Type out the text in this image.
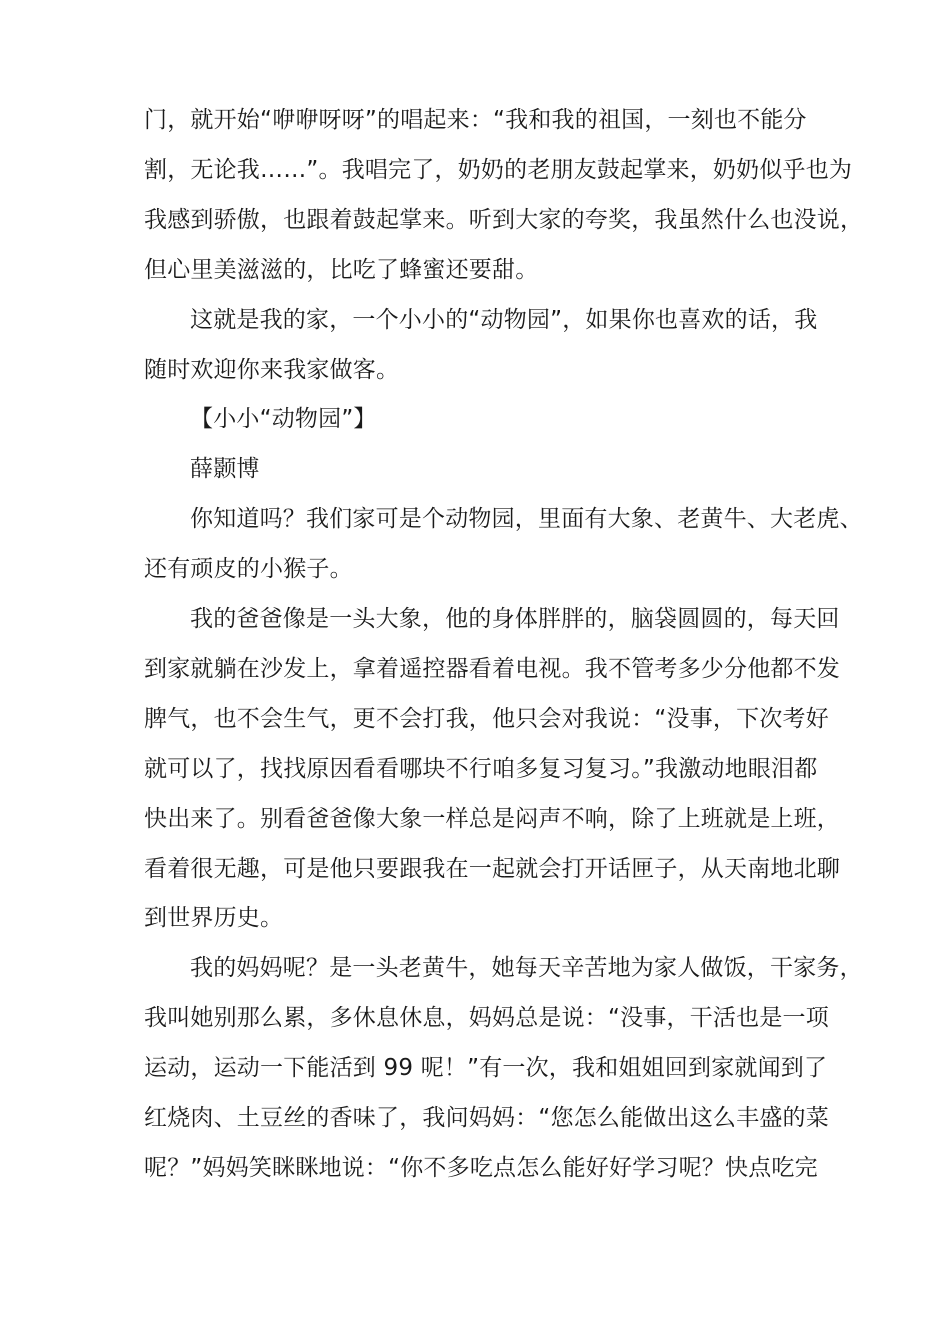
门，就开始“咿咿呀呀”的唱起来：“我和我的祖国，一刻也不能分
割，无论我……”。我唱完了，奶奶的老朋友鼓起掌来，奶奶似乎也为
我感到骄傲，也跟着鼓起掌来。听到大家的夸奖，我虽然什么也没说，
但心里美滋滋的，比吃了蜂蜜还要甜。
这就是我的家，一个小小的“动物园”，如果你也喜欢的话，我
随时欢迎你来我家做客。
【小小“动物园”】
薛颢博
你知道吗？我们家可是个动物园，里面有大象、老黄牛、大老虎、
还有顽皮的小猴子。
我的爸爸像是一头大象，他的身体胖胖的，脑袋圆圆的，每天回
到家就躺在沙发上，拿着遥控器看着电视。我不管考多少分他都不发
脾气，也不会生气，更不会打我，他只会对我说：“没事，下次考好
就可以了，找找原因看看哪块不行咱多复习复习。”我激动地眼泪都
快出来了。别看爸爸像大象一样总是闷声不响，除了上班就是上班，
看着很无趣，可是他只要跟我在一起就会打开话匣子，从天南地北聊
到世界历史。
我的妈妈呢？是一头老黄牛，她每天辛苦地为家人做饭，干家务，
我叫她别那么累，多休息休息，妈妈总是说：“没事，干活也是一项
运动，运动一下能活到 99 呢！”有一次，我和姐姐回到家就闻到了
红烧肉、土豆丝的香味了，我问妈妈：“您怎么能做出这么丰盛的菜
呢？”妈妈笑眯眯地说：“你不多吃点怎么能好好学习呢？快点吃完
